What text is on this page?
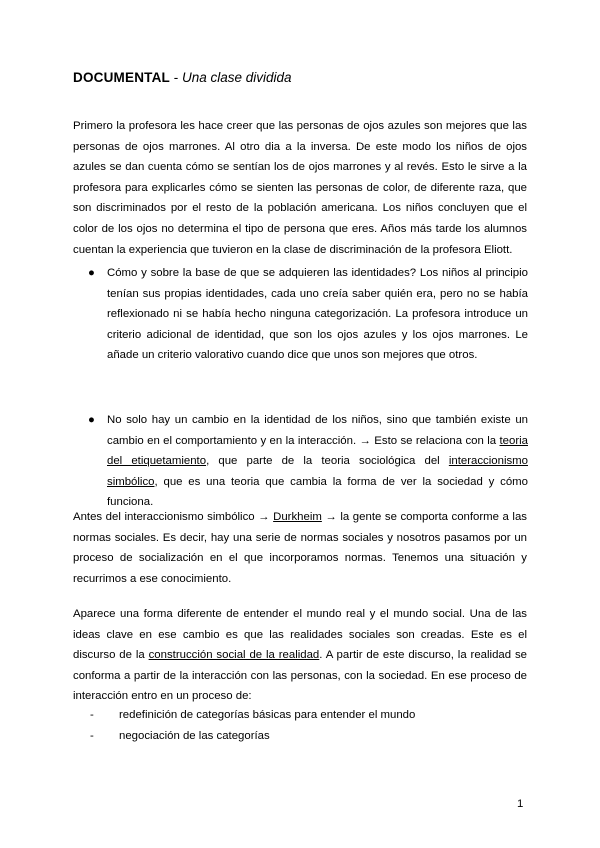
DOCUMENTAL - Una clase dividida

Primero la profesora les hace creer que las personas de ojos azules son mejores que las personas de ojos marrones. Al otro dia a la inversa. De este modo los niños de ojos azules se dan cuenta cómo se sentían los de ojos marrones y al revés. Esto le sirve a la profesora para explicarles cómo se sienten las personas de color, de diferente raza, que son discriminados por el resto de la población americana. Los niños concluyen que el color de los ojos no determina el tipo de persona que eres. Años más tarde los alumnos cuentan la experiencia que tuvieron en la clase de discriminación de la profesora Eliott.

● Cómo y sobre la base de que se adquieren las identidades? Los niños al principio tenían sus propias identidades, cada uno creía saber quién era, pero no se había reflexionado ni se había hecho ninguna categorización. La profesora introduce un criterio adicional de identidad, que son los ojos azules y los ojos marrones. Le añade un criterio valorativo cuando dice que unos son mejores que otros.
● No solo hay un cambio en la identidad de los niños, sino que también existe un cambio en el comportamiento y en la interacción. → Esto se relaciona con la teoria del etiquetamiento, que parte de la teoria sociológica del interaccionismo simbólico, que es una teoria que cambia la forma de ver la sociedad y cómo funciona.

Antes del interaccionismo simbólico → Durkheim → la gente se comporta conforme a las normas sociales. Es decir, hay una serie de normas sociales y nosotros pasamos por un proceso de socialización en el que incorporamos normas. Tenemos una situación y recurrimos a ese conocimiento.

Aparece una forma diferente de entender el mundo real y el mundo social. Una de las ideas clave en ese cambio es que las realidades sociales son creadas. Este es el discurso de la construcción social de la realidad. A partir de este discurso, la realidad se conforma a partir de la interacción con las personas, con la sociedad. En ese proceso de interacción entro en un proceso de:

- redefinición de categorías básicas para entender el mundo
- negociación de las categorías
1
